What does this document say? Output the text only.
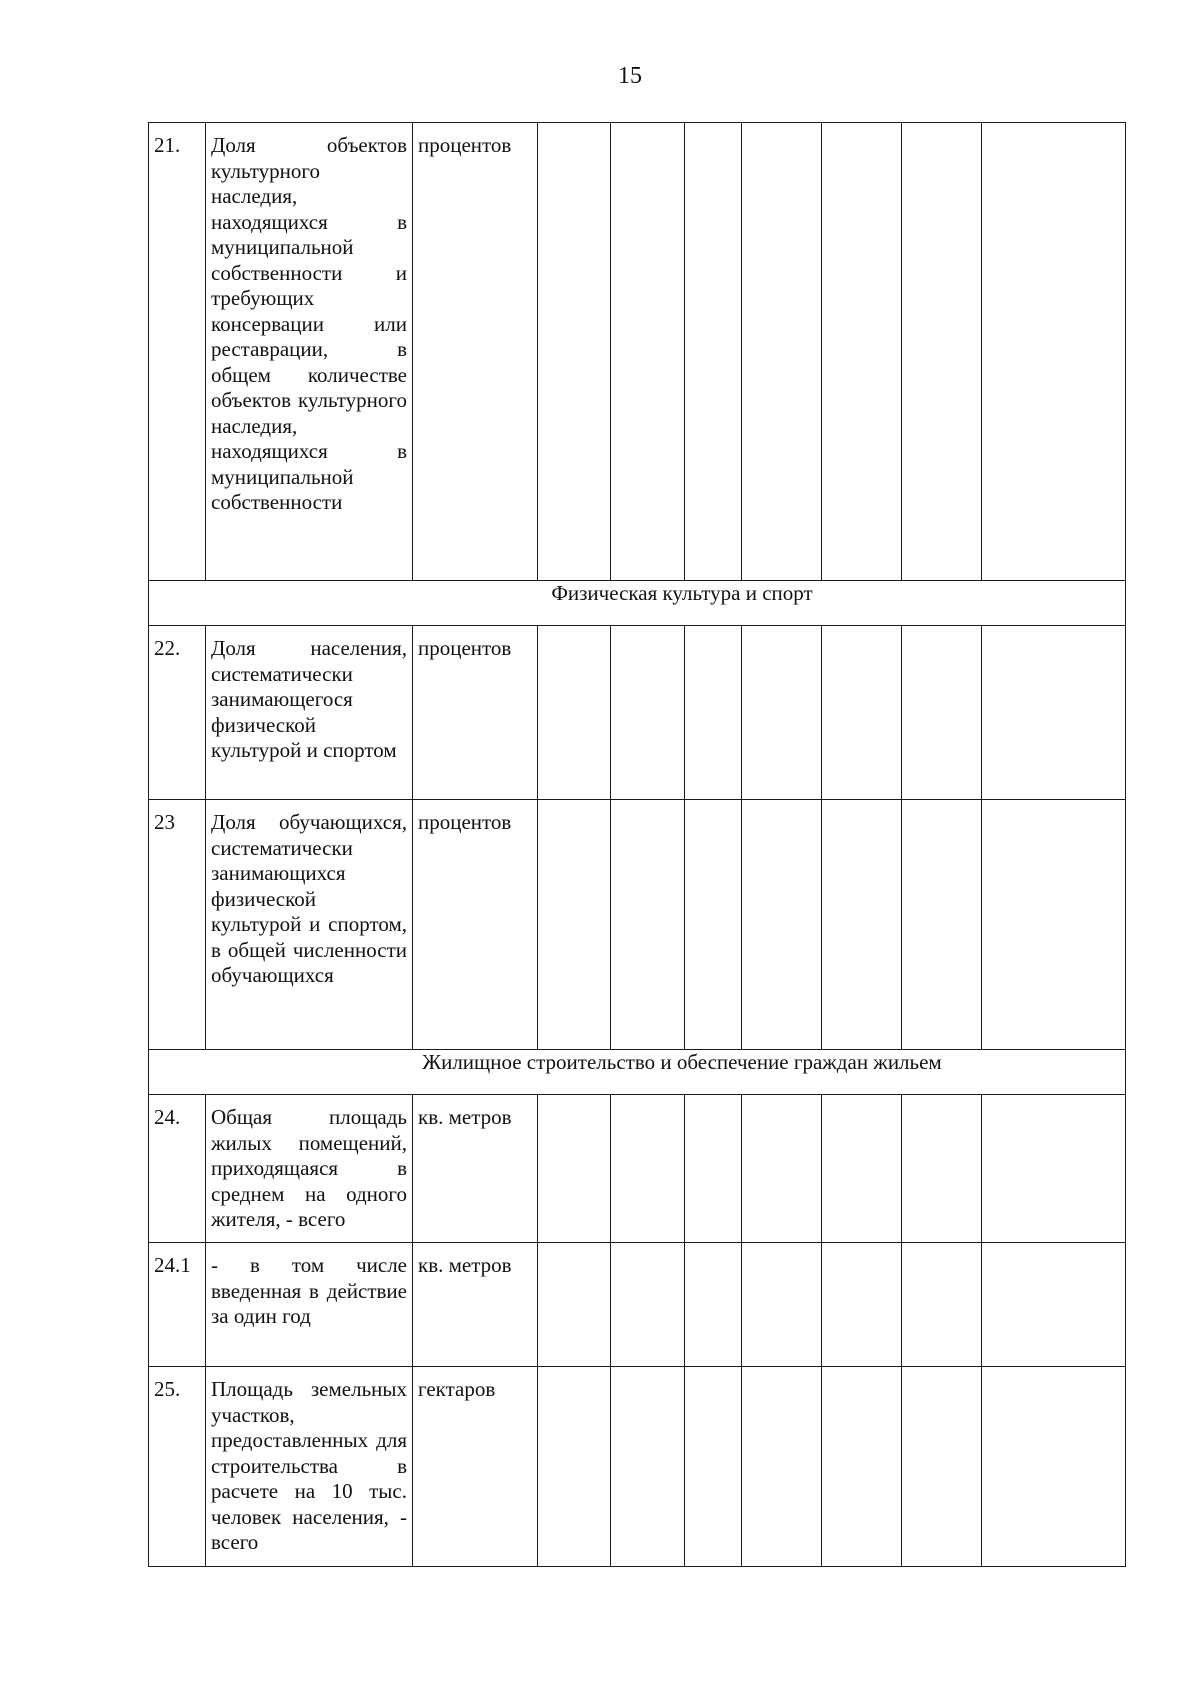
15
21.	Доля объектов культурного наследия, находящихся в муниципальной собственности и требующих консервации или реставрации, в общем количестве объектов культурного наследия, находящихся в муниципальной собственности	процентов							
Физическая культура и спорт									
22.	Доля населения, систематически занимающегося физической культурой и спортом	процентов							
23	Доля обучающихся, систематически занимающихся физической культурой и спортом, в общей численности обучающихся	процентов							
Жилищное строительство и обеспечение граждан жильем									
24.	Общая площадь жилых помещений, приходящаяся в среднем на одного жителя, - всего	кв. метров							
24.1	- в том числе введенная в действие за один год	кв. метров							
25.	Площадь земельных участков, предоставленных для строительства в расчете на 10 тыс. человек населения, - всего	гектаров							
